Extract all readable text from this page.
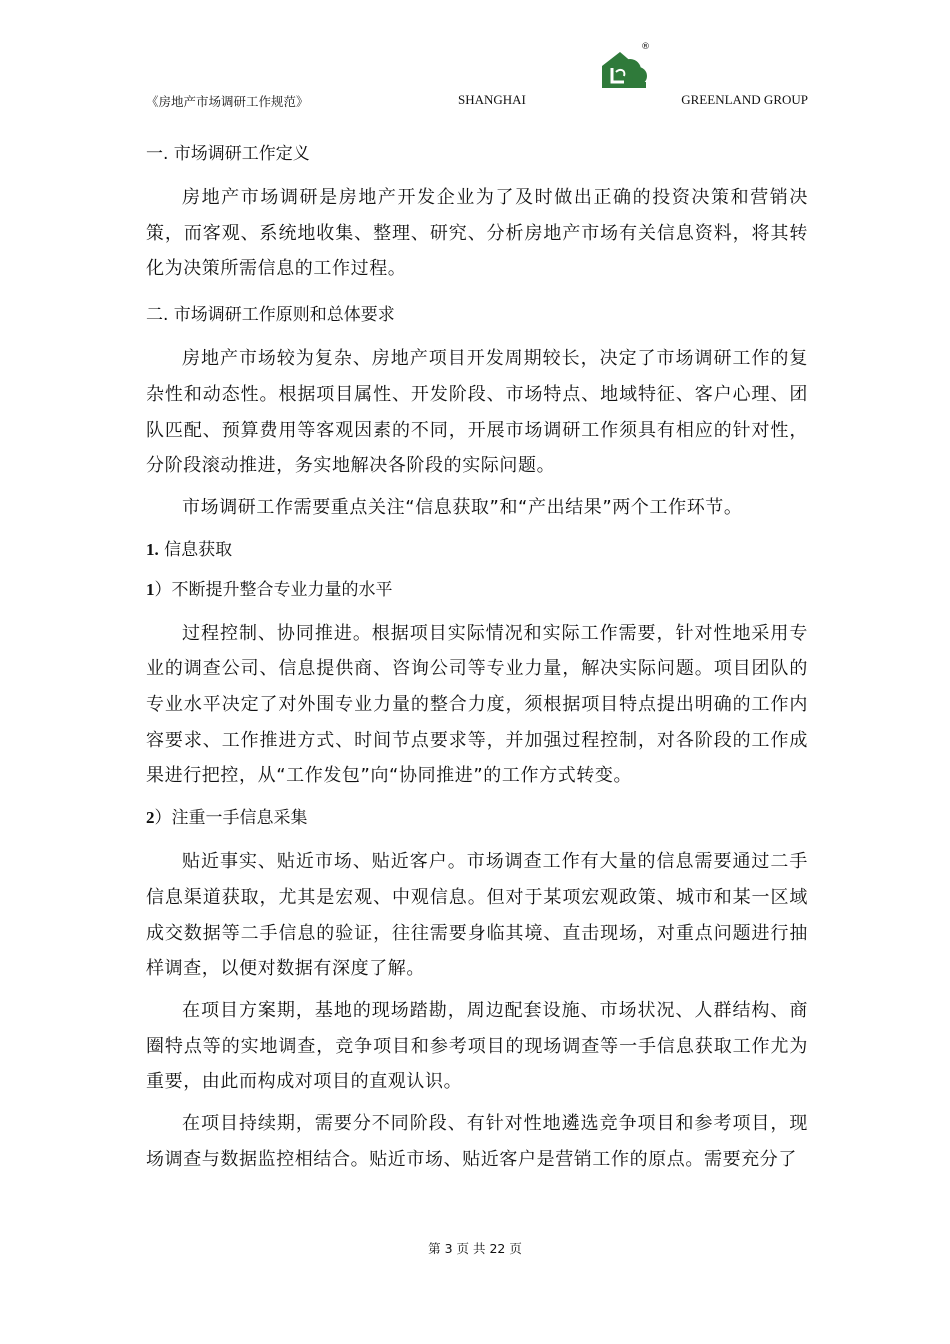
®
《房地产市场调研工作规范》	SHANGHAI	GREENLAND GROUP
一. 市场调研工作定义

房地产市场调研是房地产开发企业为了及时做出正确的投资决策和营销决策，而客观、系统地收集、整理、研究、分析房地产市场有关信息资料，将其转化为决策所需信息的工作过程。

二. 市场调研工作原则和总体要求

房地产市场较为复杂、房地产项目开发周期较长，决定了市场调研工作的复杂性和动态性。根据项目属性、开发阶段、市场特点、地域特征、客户心理、团队匹配、预算费用等客观因素的不同，开展市场调研工作须具有相应的针对性，分阶段滚动推进，务实地解决各阶段的实际问题。

市场调研工作需要重点关注“信息获取”和“产出结果”两个工作环节。

1. 信息获取
1）不断提升整合专业力量的水平

过程控制、协同推进。根据项目实际情况和实际工作需要，针对性地采用专业的调查公司、信息提供商、咨询公司等专业力量，解决实际问题。项目团队的专业水平决定了对外围专业力量的整合力度，须根据项目特点提出明确的工作内容要求、工作推进方式、时间节点要求等，并加强过程控制，对各阶段的工作成果进行把控，从“工作发包”向“协同推进”的工作方式转变。

2）注重一手信息采集

贴近事实、贴近市场、贴近客户。市场调查工作有大量的信息需要通过二手信息渠道获取，尤其是宏观、中观信息。但对于某项宏观政策、城市和某一区域成交数据等二手信息的验证，往往需要身临其境、直击现场，对重点问题进行抽样调查，以便对数据有深度了解。

在项目方案期，基地的现场踏勘，周边配套设施、市场状况、人群结构、商圈特点等的实地调查，竞争项目和参考项目的现场调查等一手信息获取工作尤为重要，由此而构成对项目的直观认识。

在项目持续期，需要分不同阶段、有针对性地遴选竞争项目和参考项目，现场调查与数据监控相结合。贴近市场、贴近客户是营销工作的原点。需要充分了

第 3 页 共 22 页
